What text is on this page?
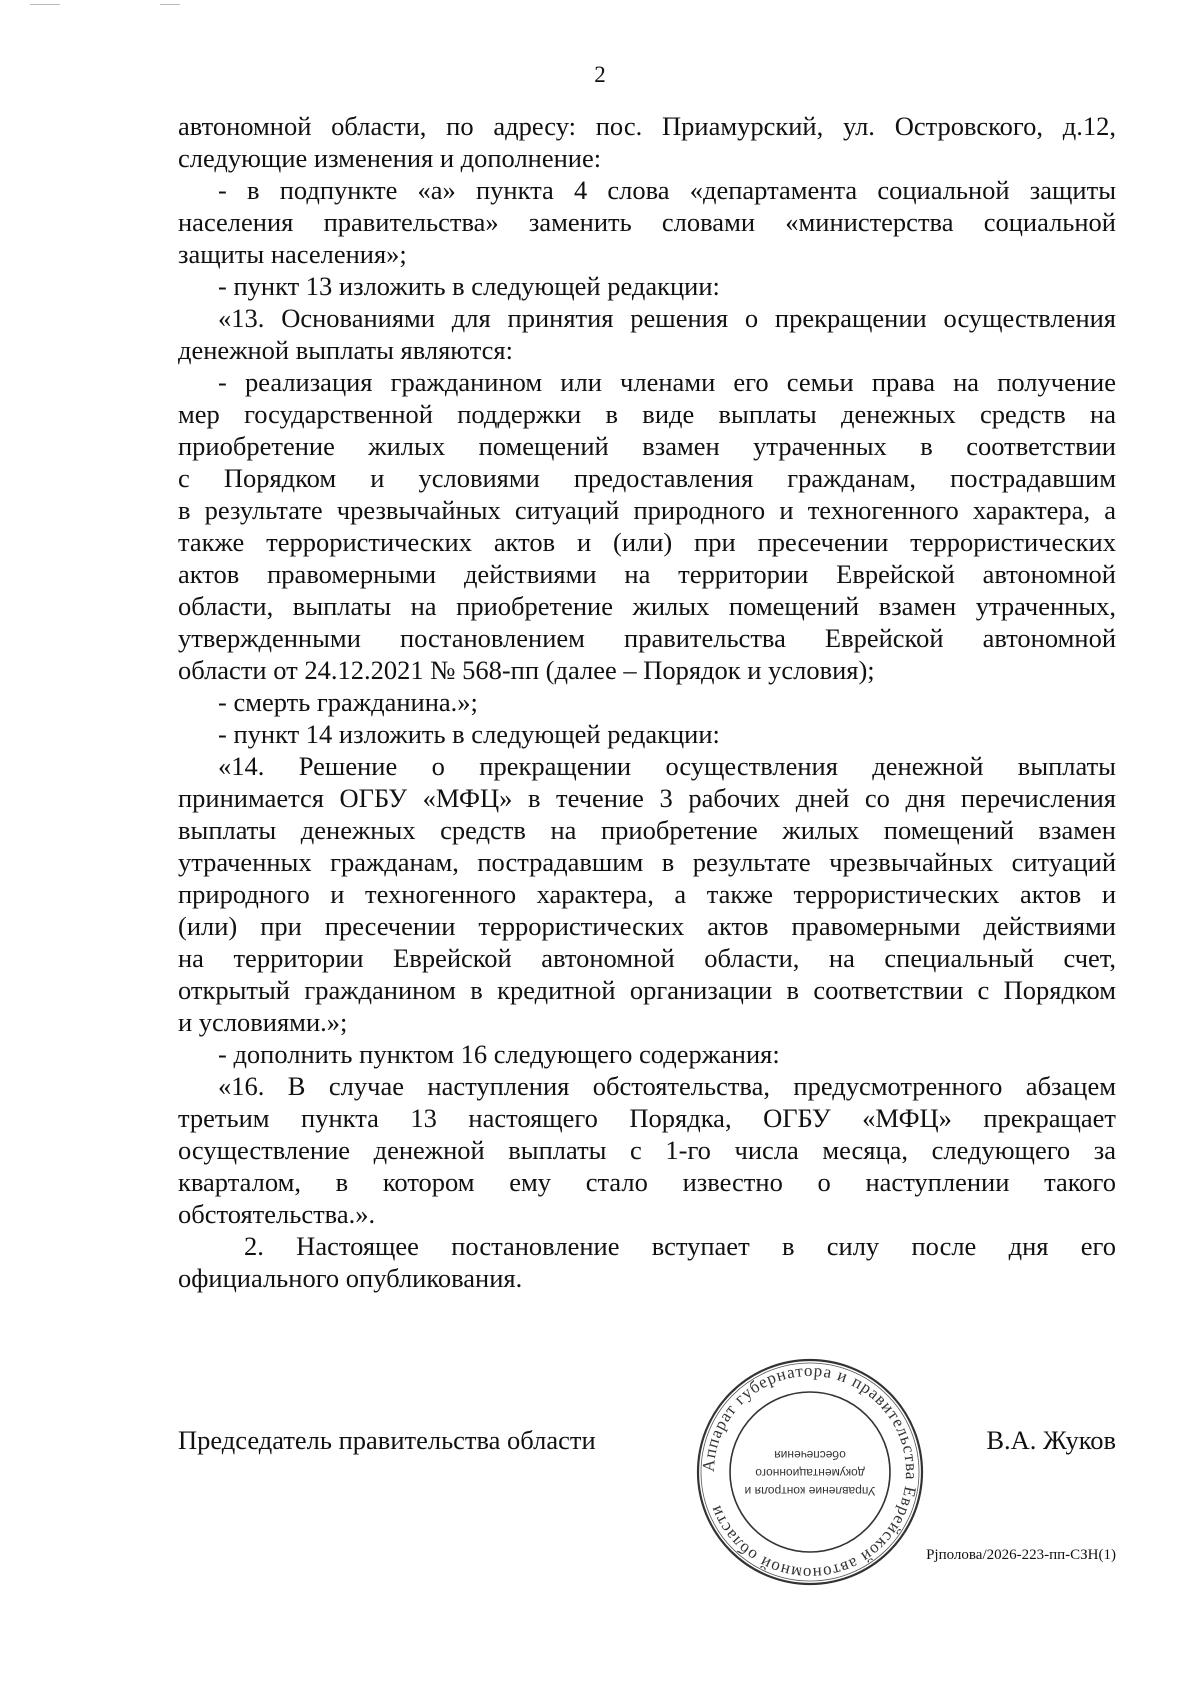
2

автономной области, по адресу: пос. Приамурский, ул. Островского, д.12,

следующие изменения и дополнение:

- в подпункте «а» пункта 4 слова «департамента социальной защиты

населения правительства» заменить словами «министерства социальной

защиты населения»;

- пункт 13 изложить в следующей редакции:

«13. Основаниями для принятия решения о прекращении осуществления

денежной выплаты являются:

- реализация гражданином или членами его семьи права на получение

мер государственной поддержки в виде выплаты денежных средств на

приобретение жилых помещений взамен утраченных в соответствии

с Порядком и условиями предоставления гражданам, пострадавшим

в результате чрезвычайных ситуаций природного и техногенного характера, а

также террористических актов и (или) при пресечении террористических

актов правомерными действиями на территории Еврейской автономной

области, выплаты на приобретение жилых помещений взамен утраченных,

утвержденными постановлением правительства Еврейской автономной

области от 24.12.2021 № 568-пп (далее – Порядок и условия);

- смерть гражданина.»;

- пункт 14 изложить в следующей редакции:

«14. Решение о прекращении осуществления денежной выплаты

принимается ОГБУ «МФЦ» в течение 3 рабочих дней со дня перечисления

выплаты денежных средств на приобретение жилых помещений взамен

утраченных гражданам, пострадавшим в результате чрезвычайных ситуаций

природного и техногенного характера, а также террористических актов и

(или) при пресечении террористических актов правомерными действиями

на территории Еврейской автономной области, на специальный счет,

открытый гражданином в кредитной организации в соответствии с Порядком

и условиями.»;

- дополнить пунктом 16 следующего содержания:

«16. В случае наступления обстоятельства, предусмотренного абзацем

третьим пункта 13 настоящего Порядка, ОГБУ «МФЦ» прекращает

осуществление денежной выплаты с 1-го числа месяца, следующего за

кварталом, в котором ему стало известно о наступлении такого

обстоятельства.».

2. Настоящее постановление вступает в силу после дня его

официального опубликования.

Председатель правительства области	В.А. Жуков
Аппарат губернатора и правительства Еврейской автономной области
Управление контроля и
документационного
обеспечения
Рjполова/2026-223-пп-СЗН(1)
